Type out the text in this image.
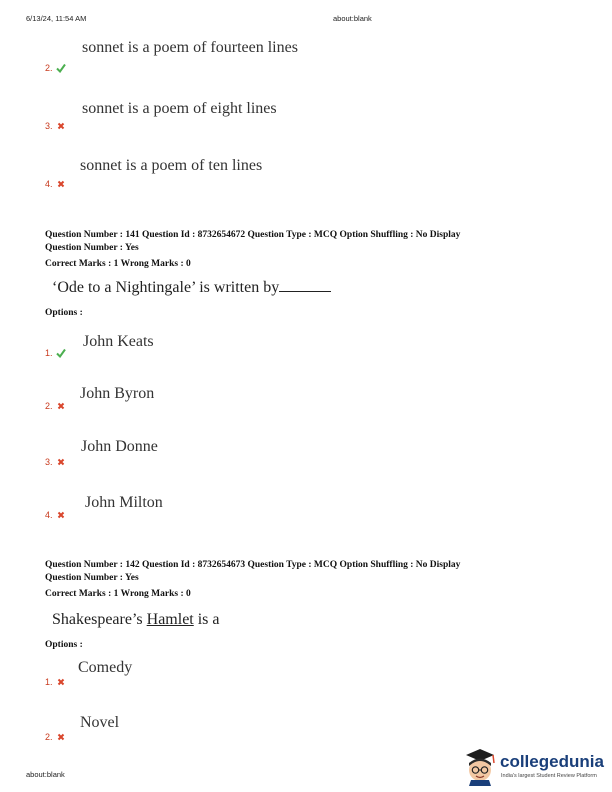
6/13/24, 11:54 AM	about:blank
sonnet is a poem of fourteen lines
2.
sonnet is a poem of eight lines
3.
sonnet is a poem of ten lines
4.
Question Number : 141 Question Id : 8732654672 Question Type : MCQ Option Shuffling : No Display
Question Number : Yes
Correct Marks : 1 Wrong Marks : 0
‘Ode to a Nightingale’ is written by
Options :
John Keats
1.
John Byron
2.
John Donne
3.
John Milton
4.
Question Number : 142 Question Id : 8732654673 Question Type : MCQ Option Shuffling : No Display
Question Number : Yes
Correct Marks : 1 Wrong Marks : 0
Shakespeare’s Hamlet is a
Options :
Comedy
1.
Novel
2.
about:blank
collegedunia
India's largest Student Review Platform
